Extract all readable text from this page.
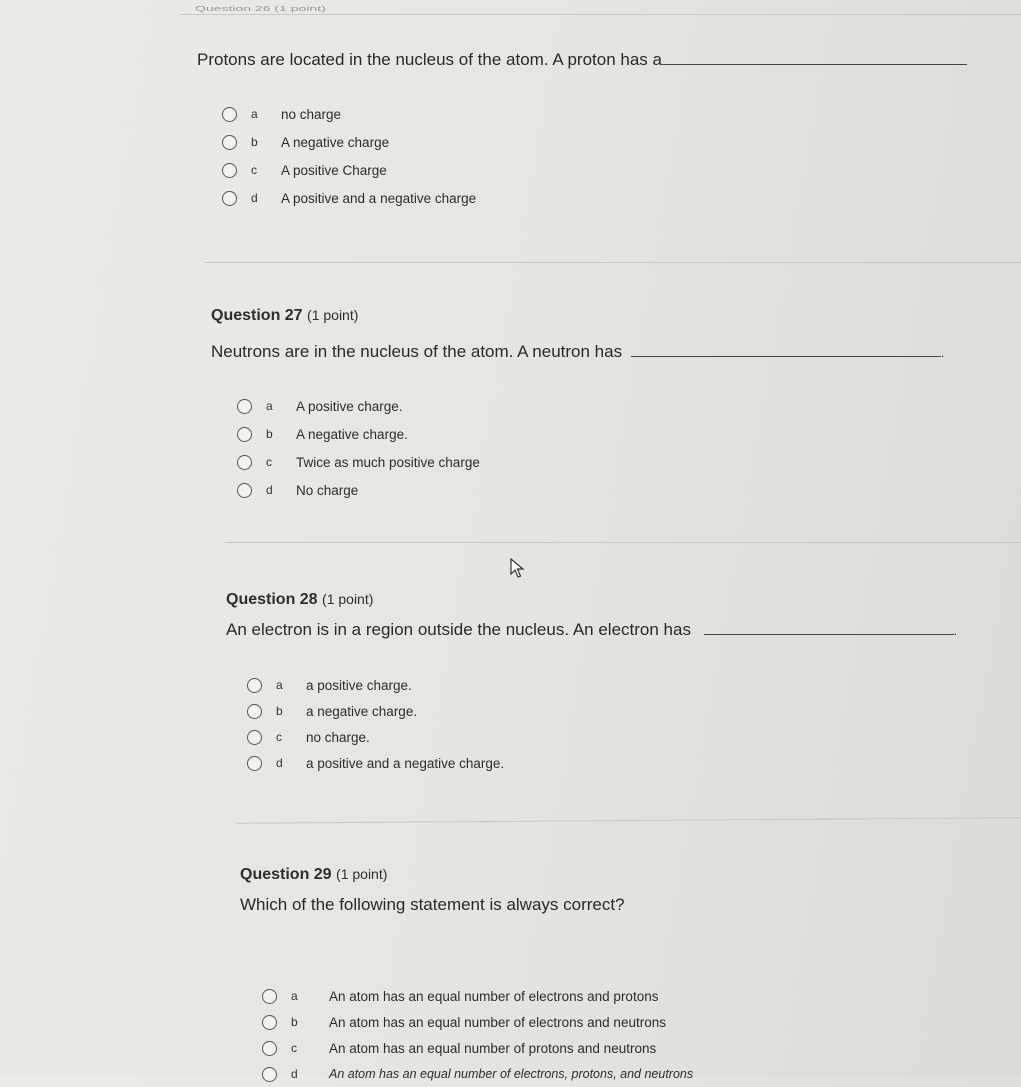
Question 26 (1 point)
Protons are located in the nucleus of the atom. A proton has a
a	no charge
b	A negative charge
c	A positive Charge
d	A positive and a negative charge
Question 27 (1 point)
Neutrons are in the nucleus of the atom. A neutron has	.
a	A positive charge.
b	A negative charge.
c	Twice as much positive charge
d	No charge
Question 28 (1 point)
An electron is in a region outside the nucleus. An electron has	.
a	a positive charge.
b	a negative charge.
c	no charge.
d	a positive and a negative charge.
Question 29 (1 point)
Which of the following statement is always correct?
a	An atom has an equal number of electrons and protons
b	An atom has an equal number of electrons and neutrons
c	An atom has an equal number of protons and neutrons
d	An atom has an equal number of electrons, protons, and neutrons
